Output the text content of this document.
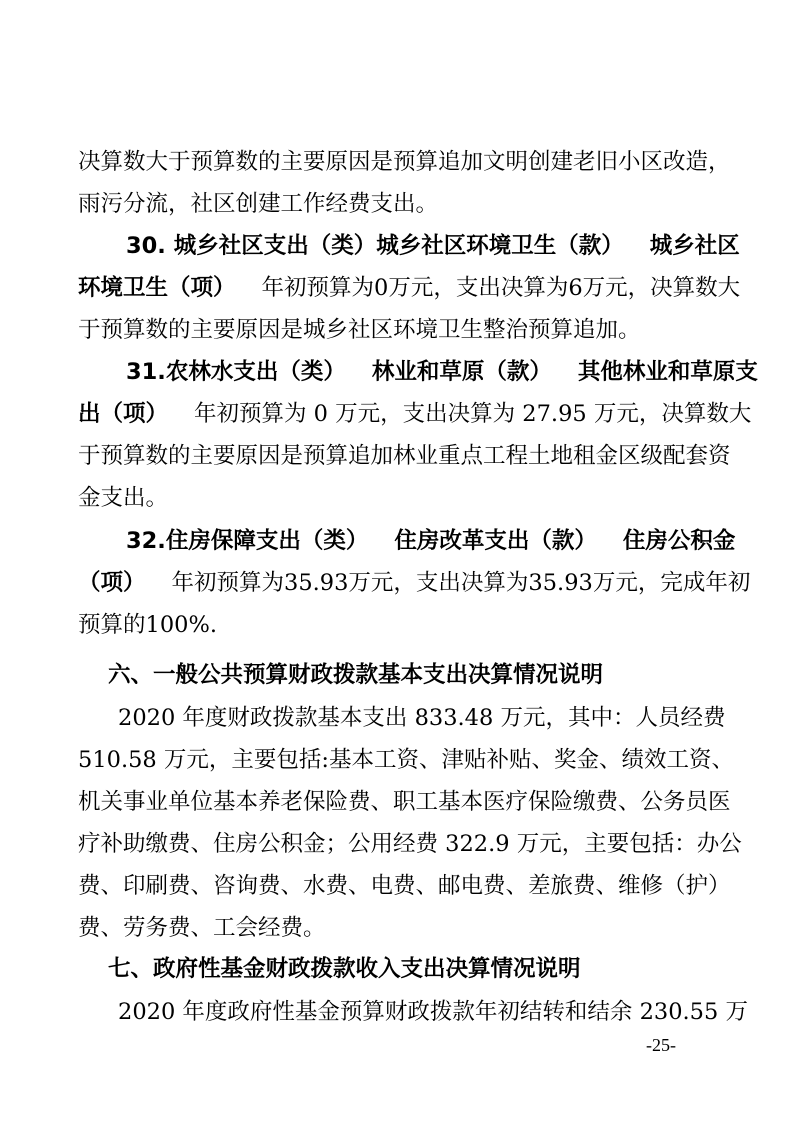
决算数大于预算数的主要原因是预算追加文明创建老旧小区改造，
雨污分流，社区创建工作经费支出。
30. 城乡社区支出（类）城乡社区环境卫生（款） 城乡社区
环境卫生（项） 年初预算为0万元，支出决算为6万元，决算数大
于预算数的主要原因是城乡社区环境卫生整治预算追加。
31.农林水支出（类） 林业和草原（款） 其他林业和草原支
出（项） 年初预算为 0 万元，支出决算为 27.95 万元，决算数大
于预算数的主要原因是预算追加林业重点工程土地租金区级配套资
金支出。
32.住房保障支出（类） 住房改革支出（款） 住房公积金
（项） 年初预算为35.93万元，支出决算为35.93万元，完成年初
预算的100%.
六、一般公共预算财政拨款基本支出决算情况说明
2020 年度财政拨款基本支出 833.48 万元，其中：人员经费
510.58 万元，主要包括:基本工资、津贴补贴、奖金、绩效工资、
机关事业单位基本养老保险费、职工基本医疗保险缴费、公务员医
疗补助缴费、住房公积金；公用经费 322.9 万元，主要包括：办公
费、印刷费、咨询费、水费、电费、邮电费、差旅费、维修（护）
费、劳务费、工会经费。
七、政府性基金财政拨款收入支出决算情况说明
2020 年度政府性基金预算财政拨款年初结转和结余 230.55 万
-25-
